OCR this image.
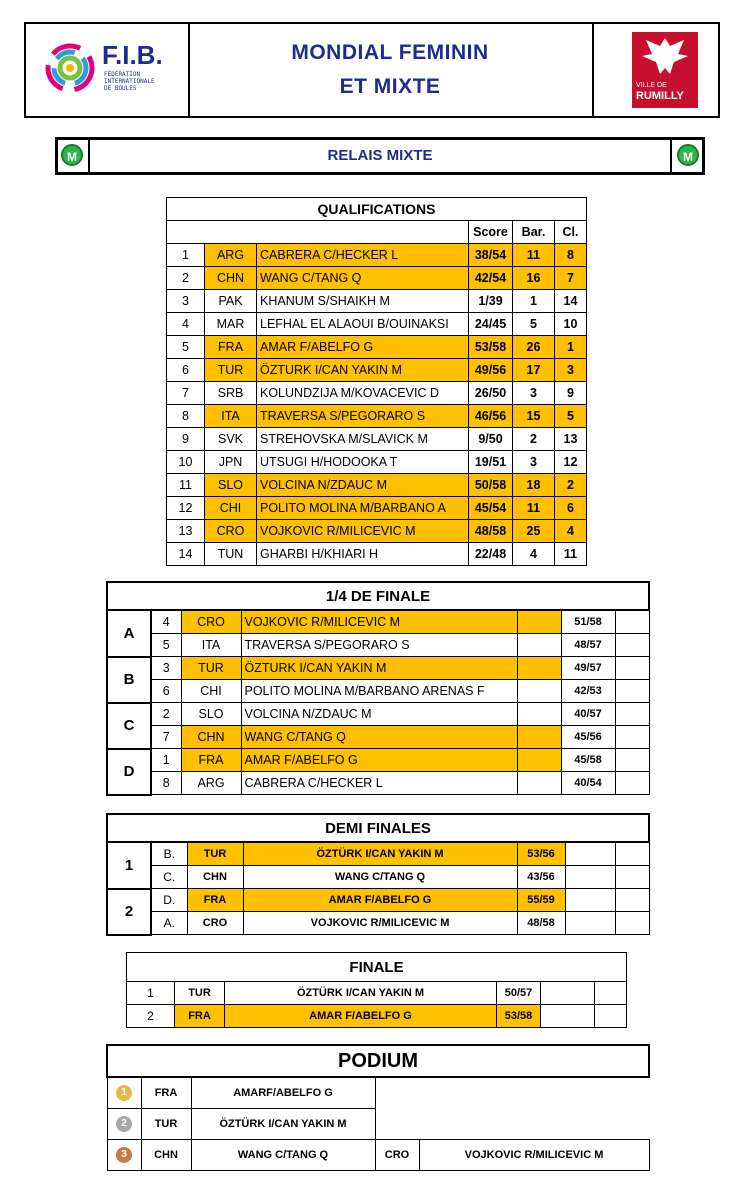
F.I.B.
FÉDÉRATION
INTERNATIONALE
DE BOULES
MONDIAL FEMININ
ET MIXTE	VILLE DE
RUMILLY
M	RELAIS MIXTE	M
QUALIFICATIONS					
			Score	Bar.	Cl.
1	ARG	CABRERA C/HECKER L	38/54	11	8
2	CHN	WANG C/TANG Q	42/54	16	7
3	PAK	KHANUM S/SHAIKH M	1/39	1	14
4	MAR	LEFHAL EL ALAOUI B/OUINAKSI	24/45	5	10
5	FRA	AMAR F/ABELFO G	53/58	26	1
6	TUR	ÖZTURK I/CAN YAKIN M	49/56	17	3
7	SRB	KOLUNDZIJA M/KOVACEVIC D	26/50	3	9
8	ITA	TRAVERSA S/PEGORARO S	46/56	15	5
9	SVK	STREHOVSKA M/SLAVICK M	9/50	2	13
10	JPN	UTSUGI H/HODOOKA T	19/51	3	12
11	SLO	VOLCINA N/ZDAUC M	50/58	18	2
12	CHI	POLITO MOLINA M/BARBANO A	45/54	11	6
13	CRO	VOJKOVIC R/MILICEVIC M	48/58	25	4
14	TUN	GHARBI H/KHIARI H	22/48	4	11
1/4 DE FINALE						
A	4	CRO	VOJKOVIC R/MILICEVIC M		51/58	
	5	ITA	TRAVERSA S/PEGORARO S		48/57	
B	3	TUR	ÖZTURK I/CAN YAKIN M		49/57	
	6	CHI	POLITO MOLINA M/BARBANO ARENAS F		42/53	
C	2	SLO	VOLCINA N/ZDAUC M		40/57	
	7	CHN	WANG C/TANG Q		45/56	
D	1	FRA	AMAR F/ABELFO G		45/58	
	8	ARG	CABRERA C/HECKER L		40/54	
DEMI FINALES						
1	B.	TUR	ÖZTÜRK I/CAN YAKIN M	53/56		
	C.	CHN	WANG C/TANG Q	43/56		
2	D.	FRA	AMAR F/ABELFO G	55/59		
	A.	CRO	VOJKOVIC R/MILICEVIC M	48/58		
FINALE					
1	TUR	ÖZTÜRK I/CAN YAKIN M	50/57		
2	FRA	AMAR F/ABELFO G	53/58		
PODIUM				
1	FRA	AMARF/ABELFO G		
2	TUR	ÖZTÜRK I/CAN YAKIN M		
3	CHN	WANG C/TANG Q	CRO	VOJKOVIC R/MILICEVIC M
